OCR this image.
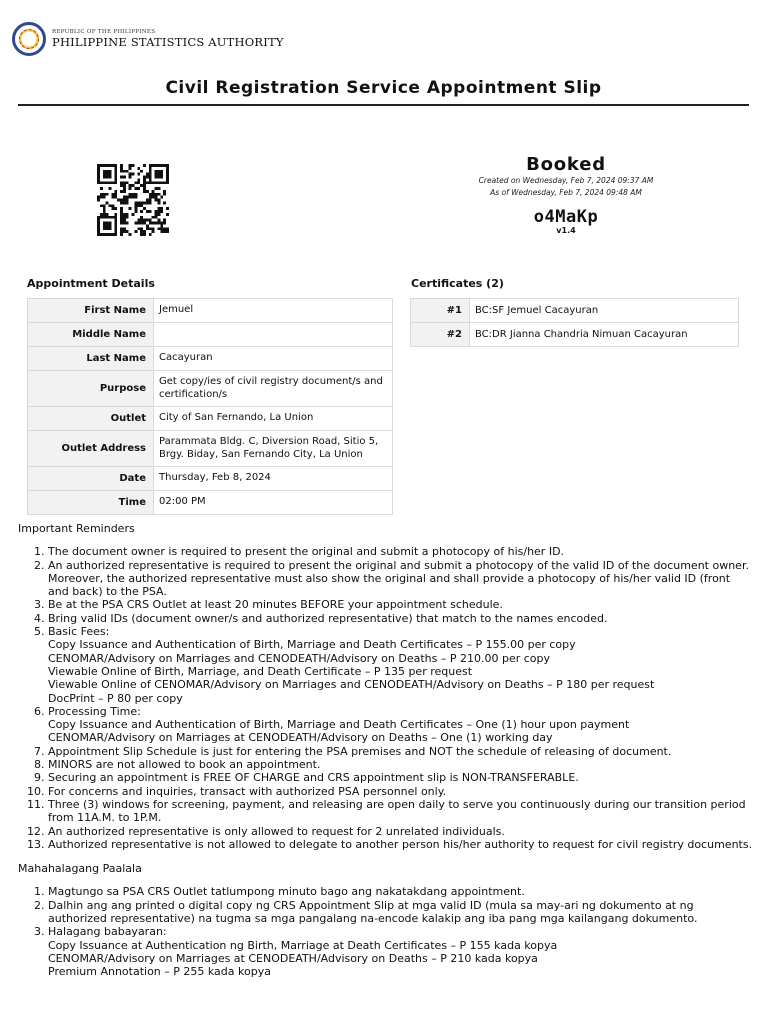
REPUBLIC OF THE PHILIPPINES
PHILIPPINE STATISTICS AUTHORITY
Civil Registration Service Appointment Slip
Booked
Created on Wednesday, Feb 7, 2024 09:37 AM
As of Wednesday, Feb 7, 2024 09:48 AM
o4MaKp
v1.4
Appointment Details
First Name	Jemuel
Middle Name	
Last Name	Cacayuran
Purpose	Get copy/ies of civil registry document/s and certification/s
Outlet	City of San Fernando, La Union
Outlet Address	Parammata Bldg. C, Diversion Road, Sitio 5, Brgy. Biday, San Fernando City, La Union
Date	Thursday, Feb 8, 2024
Time	02:00 PM
Certificates (2)
#1	BC:SF Jemuel Cacayuran
#2	BC:DR Jianna Chandria Nimuan Cacayuran
Important Reminders
1. The document owner is required to present the original and submit a photocopy of his/her ID.
2. An authorized representative is required to present the original and submit a photocopy of the valid ID of the document owner. Moreover, the authorized representative must also show the original and shall provide a photocopy of his/her valid ID (front and back) to the PSA.
3. Be at the PSA CRS Outlet at least 20 minutes BEFORE your appointment schedule.
4. Bring valid IDs (document owner/s and authorized representative) that match to the names encoded.
5. Basic Fees:
Copy Issuance and Authentication of Birth, Marriage and Death Certificates – P 155.00 per copy
CENOMAR/Advisory on Marriages and CENODEATH/Advisory on Deaths – P 210.00 per copy
Viewable Online of Birth, Marriage, and Death Certificate – P 135 per request
Viewable Online of CENOMAR/Advisory on Marriages and CENODEATH/Advisory on Deaths – P 180 per request
DocPrint – P 80 per copy
6. Processing Time:
Copy Issuance and Authentication of Birth, Marriage and Death Certificates – One (1) hour upon payment
CENOMAR/Advisory on Marriages at CENODEATH/Advisory on Deaths – One (1) working day
7. Appointment Slip Schedule is just for entering the PSA premises and NOT the schedule of releasing of document.
8. MINORS are not allowed to book an appointment.
9. Securing an appointment is FREE OF CHARGE and CRS appointment slip is NON-TRANSFERABLE.
10. For concerns and inquiries, transact with authorized PSA personnel only.
11. Three (3) windows for screening, payment, and releasing are open daily to serve you continuously during our transition period from 11A.M. to 1P.M.
12. An authorized representative is only allowed to request for 2 unrelated individuals.
13. Authorized representative is not allowed to delegate to another person his/her authority to request for civil registry documents.
Mahahalagang Paalala
1. Magtungo sa PSA CRS Outlet tatlumpong minuto bago ang nakatakdang appointment.
2. Dalhin ang ang printed o digital copy ng CRS Appointment Slip at mga valid ID (mula sa may-ari ng dokumento at ng authorized representative) na tugma sa mga pangalang na-encode kalakip ang iba pang mga kailangang dokumento.
3. Halagang babayaran:
Copy Issuance at Authentication ng Birth, Marriage at Death Certificates – P 155 kada kopya
CENOMAR/Advisory on Marriages at CENODEATH/Advisory on Deaths – P 210 kada kopya
Premium Annotation – P 255 kada kopya
